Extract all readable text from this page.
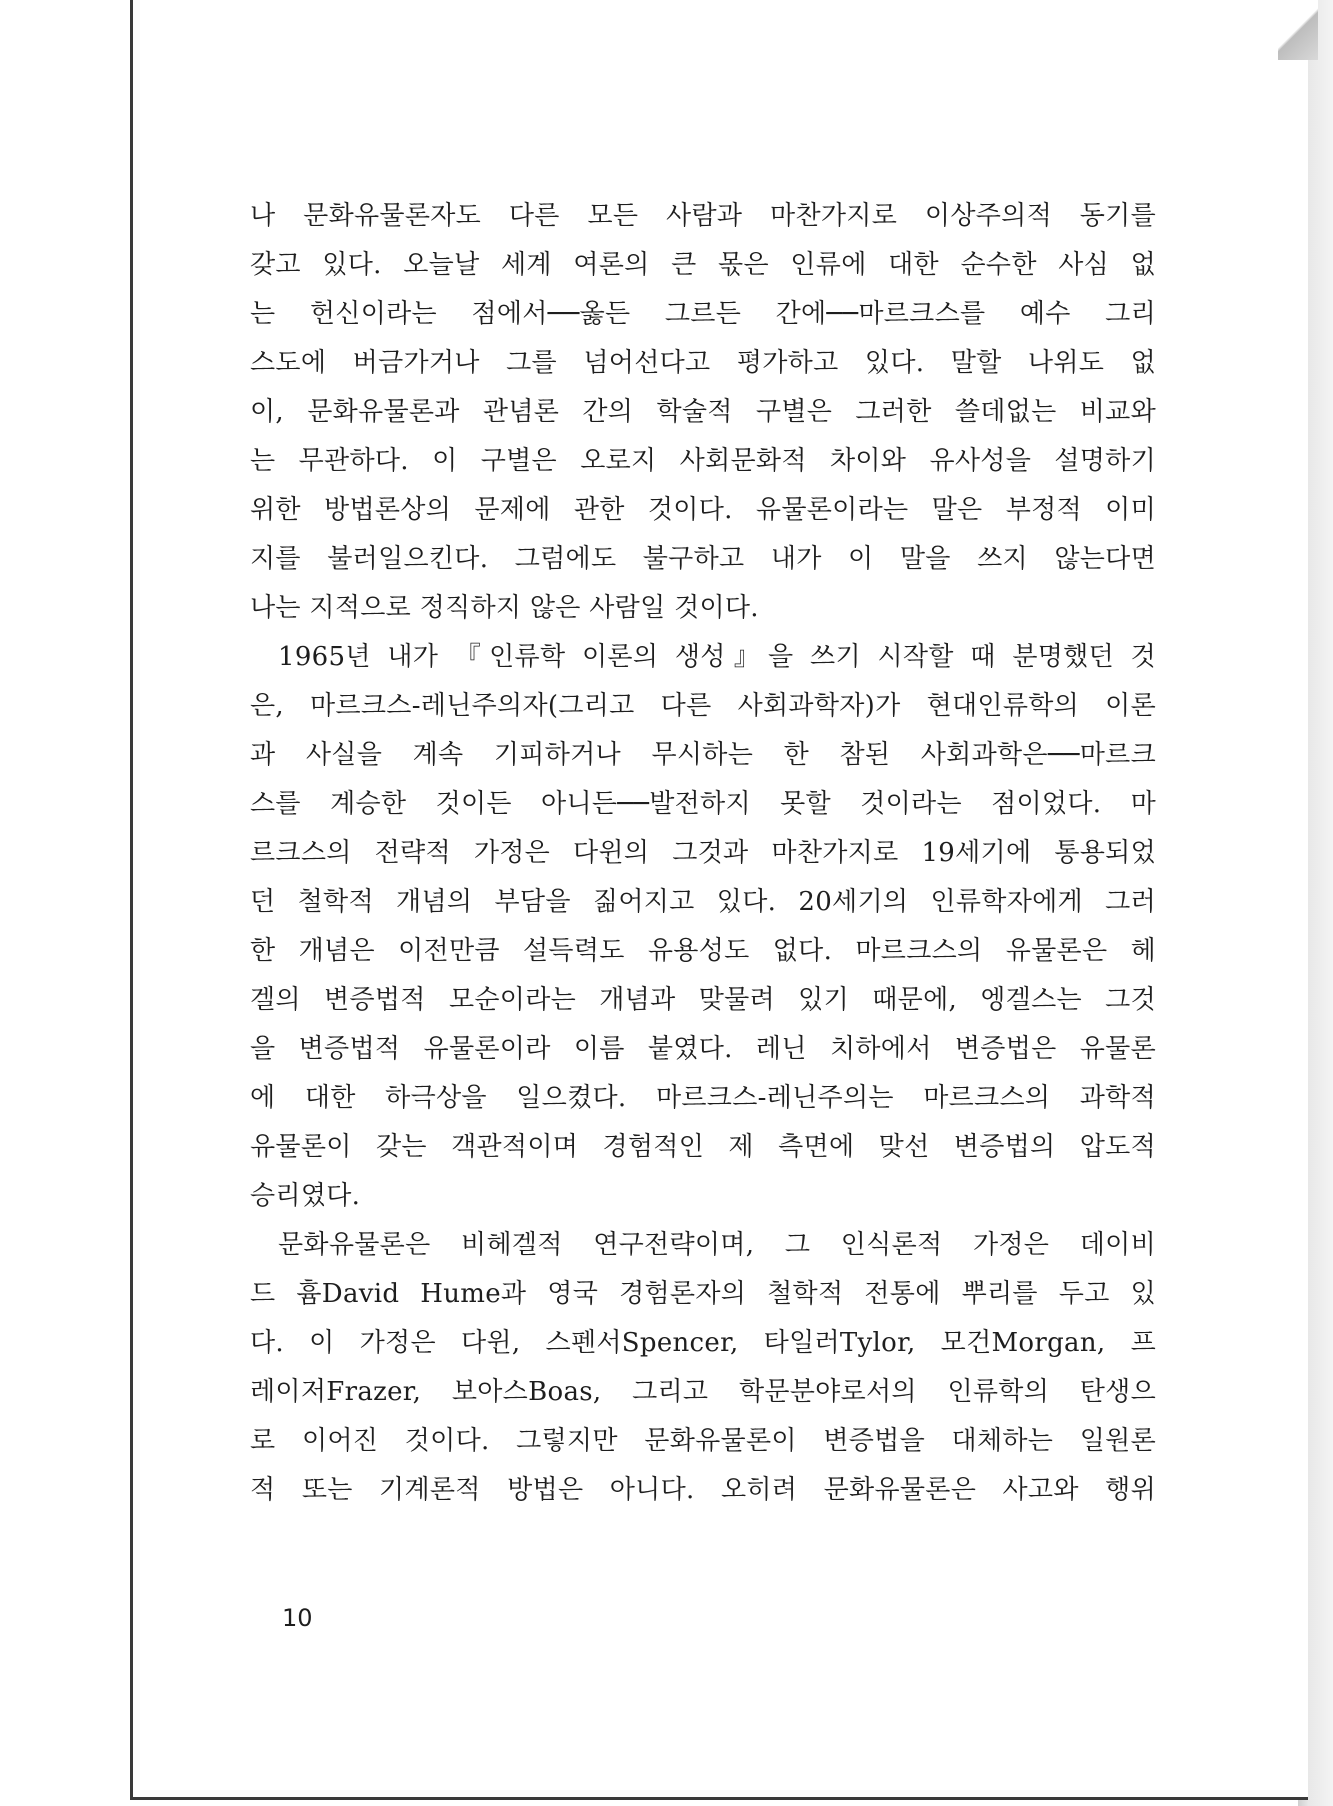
나 문화유물론자도 다른 모든 사람과 마찬가지로 이상주의적 동기를
갖고 있다. 오늘날 세계 여론의 큰 몫은 인류에 대한 순수한 사심 없
는 헌신이라는 점에서──옳든 그르든 간에──마르크스를 예수 그리
스도에 버금가거나 그를 넘어선다고 평가하고 있다. 말할 나위도 없
이, 문화유물론과 관념론 간의 학술적 구별은 그러한 쓸데없는 비교와
는 무관하다. 이 구별은 오로지 사회문화적 차이와 유사성을 설명하기
위한 방법론상의 문제에 관한 것이다. 유물론이라는 말은 부정적 이미
지를 불러일으킨다. 그럼에도 불구하고 내가 이 말을 쓰지 않는다면
나는 지적으로 정직하지 않은 사람일 것이다.
1965년 내가 『인류학 이론의 생성』을 쓰기 시작할 때 분명했던 것
은, 마르크스-레닌주의자(그리고 다른 사회과학자)가 현대인류학의 이론
과 사실을 계속 기피하거나 무시하는 한 참된 사회과학은──마르크
스를 계승한 것이든 아니든──발전하지 못할 것이라는 점이었다. 마
르크스의 전략적 가정은 다윈의 그것과 마찬가지로 19세기에 통용되었
던 철학적 개념의 부담을 짊어지고 있다. 20세기의 인류학자에게 그러
한 개념은 이전만큼 설득력도 유용성도 없다. 마르크스의 유물론은 헤
겔의 변증법적 모순이라는 개념과 맞물려 있기 때문에, 엥겔스는 그것
을 변증법적 유물론이라 이름 붙였다. 레닌 치하에서 변증법은 유물론
에 대한 하극상을 일으켰다. 마르크스-레닌주의는 마르크스의 과학적
유물론이 갖는 객관적이며 경험적인 제 측면에 맞선 변증법의 압도적
승리였다.
문화유물론은 비헤겔적 연구전략이며, 그 인식론적 가정은 데이비
드 흄David Hume과 영국 경험론자의 철학적 전통에 뿌리를 두고 있
다. 이 가정은 다윈, 스펜서Spencer, 타일러Tylor, 모건Morgan, 프
레이저Frazer, 보아스Boas, 그리고 학문분야로서의 인류학의 탄생으
로 이어진 것이다. 그렇지만 문화유물론이 변증법을 대체하는 일원론
적 또는 기계론적 방법은 아니다. 오히려 문화유물론은 사고와 행위

10
